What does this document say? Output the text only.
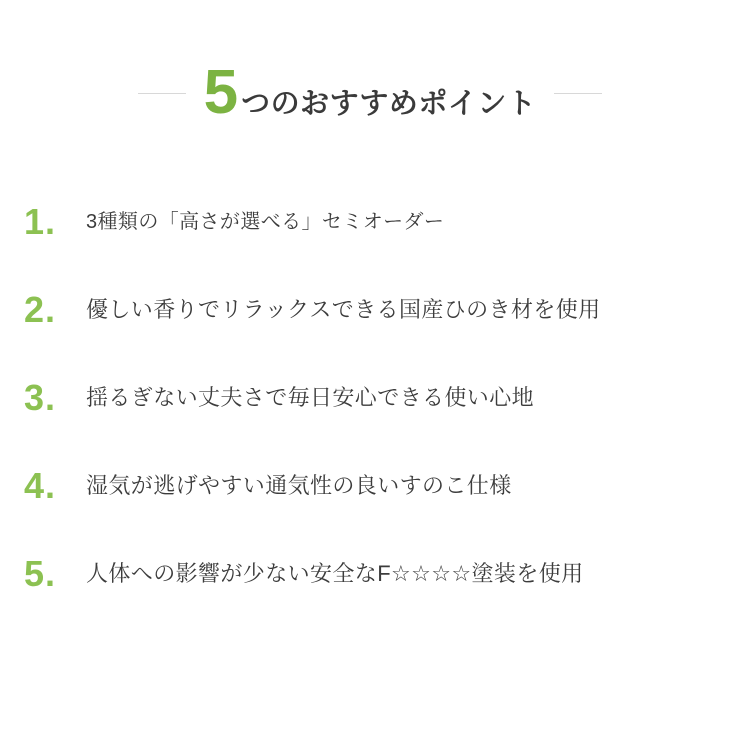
5 つのおすすめポイント
1.	3種類の「高さが選べる」セミオーダー
2.	優しい香りでリラックスできる国産ひのき材を使用
3.	揺るぎない丈夫さで毎日安心できる使い心地
4.	湿気が逃げやすい通気性の良いすのこ仕様
5.	人体への影響が少ない安全なF☆☆☆☆塗装を使用
